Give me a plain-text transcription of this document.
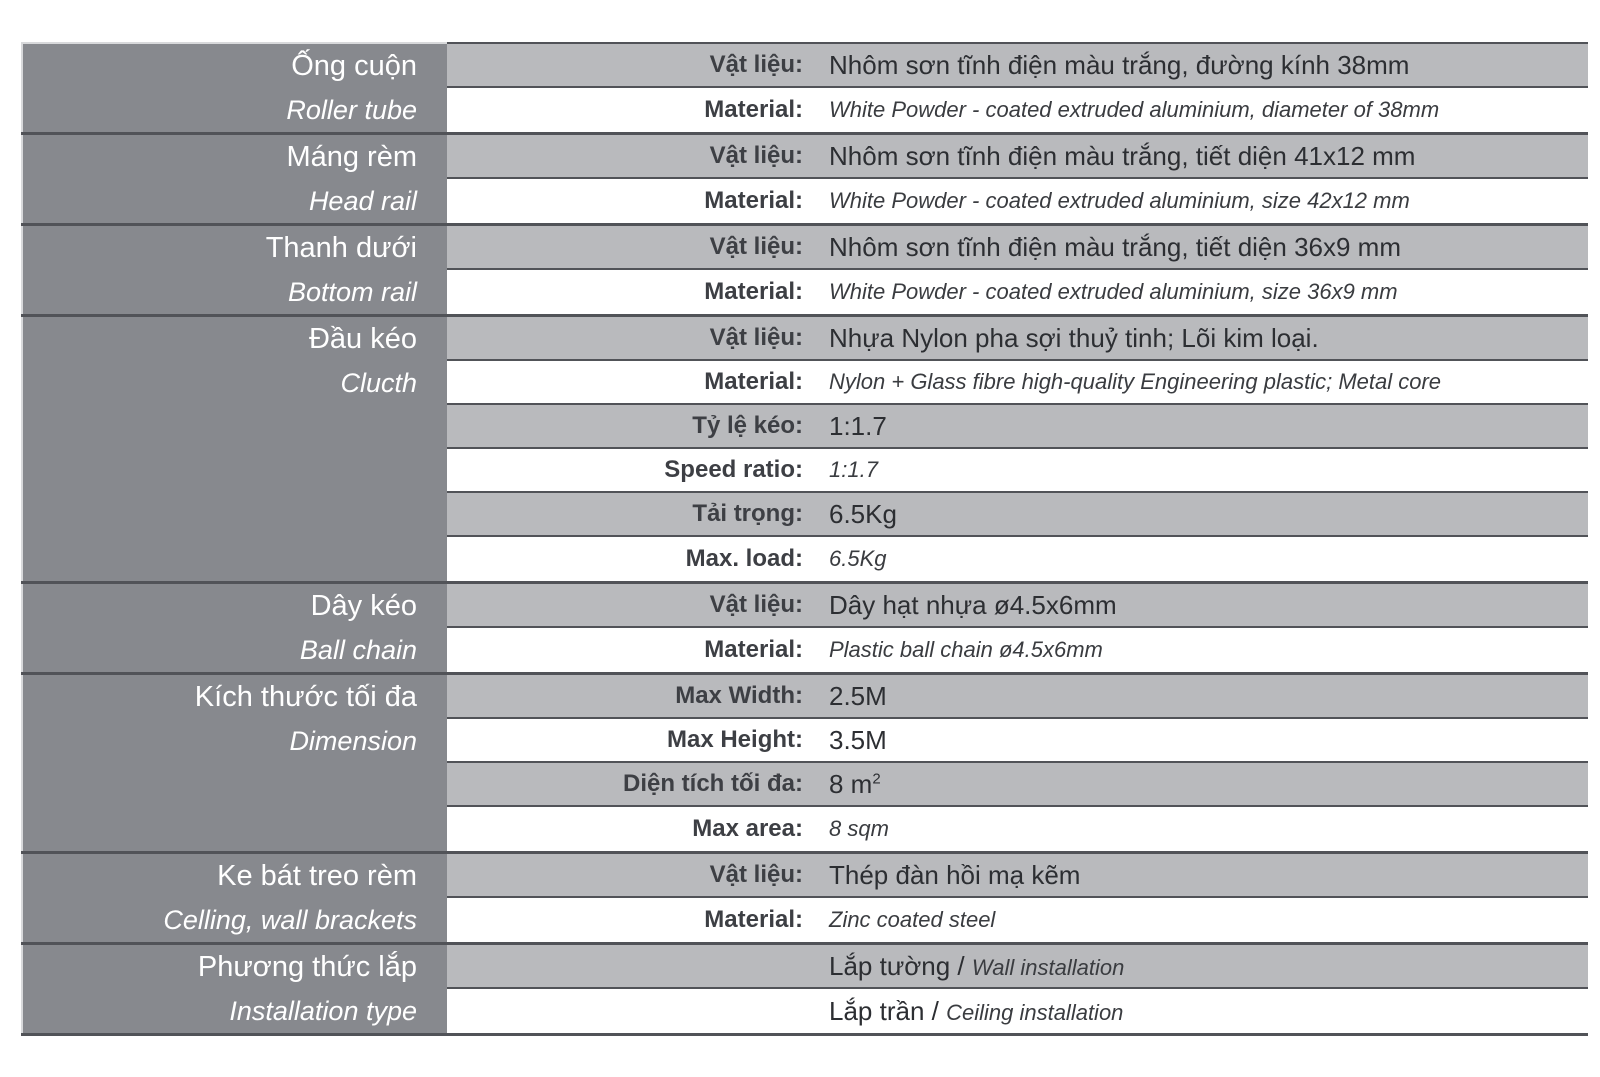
Ống cuộn
Roller tube
Vật liệu:	Nhôm sơn tĩnh điện màu trắng, đường kính 38mm
Material:	White Powder - coated extruded aluminium, diameter of 38mm
Máng rèm
Head rail
Vật liệu:	Nhôm sơn tĩnh điện màu trắng, tiết diện 41x12 mm
Material:	White Powder - coated extruded aluminium, size 42x12 mm
Thanh dưới
Bottom rail
Vật liệu:	Nhôm sơn tĩnh điện màu trắng, tiết diện 36x9 mm
Material:	White Powder - coated extruded aluminium, size 36x9 mm
Đầu kéo
Clucth
Vật liệu:	Nhựa Nylon pha sợi thuỷ tinh; Lõi kim loại.
Material:	Nylon + Glass fibre high-quality Engineering plastic; Metal core
Tỷ lệ kéo:	1:1.7
Speed ratio:	1:1.7
Tải trọng:	6.5Kg
Max. load:	6.5Kg
Dây kéo
Ball chain
Vật liệu:	Dây hạt nhựa ø4.5x6mm
Material:	Plastic ball chain ø4.5x6mm
Kích thước tối đa
Dimension
Max Width:	2.5M
Max Height:	3.5M
Diện tích tối đa:	8 $m^2$
Max area:	8 sqm
Ke bát treo rèm
Celling, wall brackets
Vật liệu:	Thép đàn hồi mạ kẽm
Material:	Zinc coated steel
Phương thức lắp
Installation type
Lắp tường / Wall installation
Lắp trần / Ceiling installation
